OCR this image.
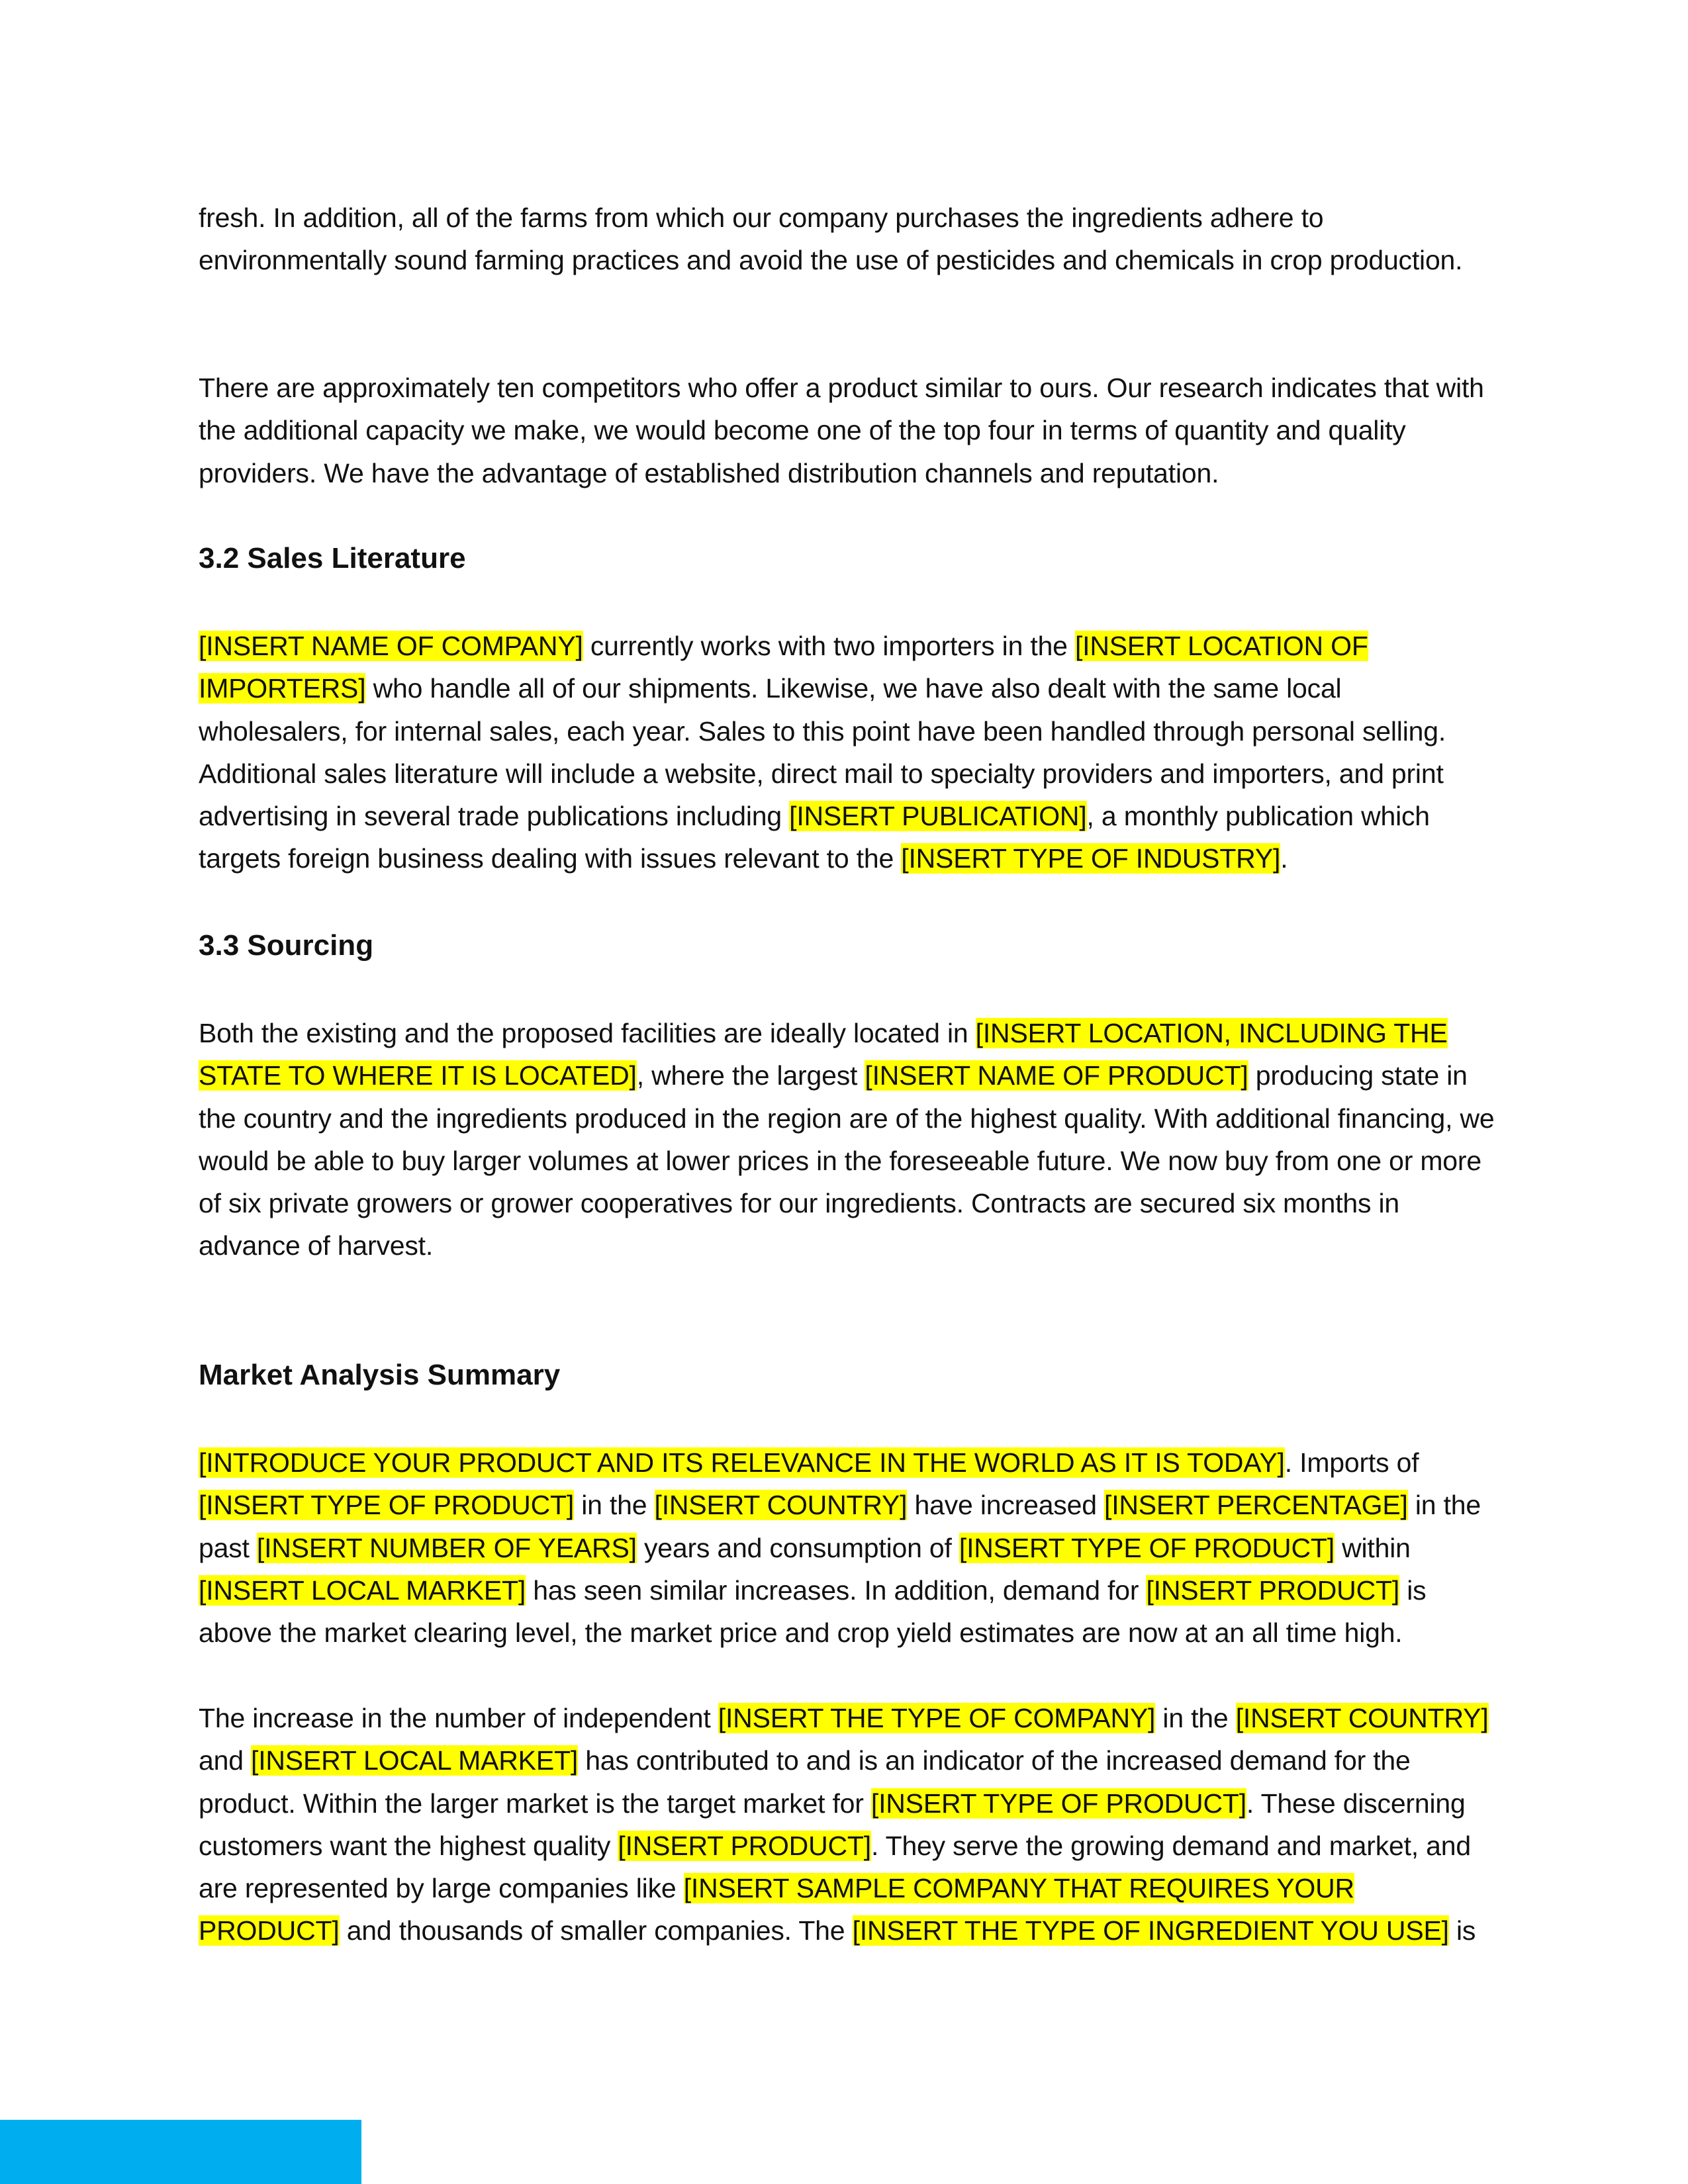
fresh. In addition, all of the farms from which our company purchases the ingredients adhere to environmentally sound farming practices and avoid the use of pesticides and chemicals in crop production.

There are approximately ten competitors who offer a product similar to ours. Our research indicates that with the additional capacity we make, we would become one of the top four in terms of quantity and quality providers. We have the advantage of established distribution channels and reputation.

3.2 Sales Literature

[INSERT NAME OF COMPANY] currently works with two importers in the [INSERT LOCATION OF IMPORTERS] who handle all of our shipments. Likewise, we have also dealt with the same local wholesalers, for internal sales, each year. Sales to this point have been handled through personal selling. Additional sales literature will include a website, direct mail to specialty providers and importers, and print advertising in several trade publications including [INSERT PUBLICATION], a monthly publication which targets foreign business dealing with issues relevant to the [INSERT TYPE OF INDUSTRY].

3.3 Sourcing

Both the existing and the proposed facilities are ideally located in [INSERT LOCATION, INCLUDING THE STATE TO WHERE IT IS LOCATED], where the largest [INSERT NAME OF PRODUCT] producing state in the country and the ingredients produced in the region are of the highest quality. With additional financing, we would be able to buy larger volumes at lower prices in the foreseeable future. We now buy from one or more of six private growers or grower cooperatives for our ingredients. Contracts are secured six months in advance of harvest.

Market Analysis Summary

[INTRODUCE YOUR PRODUCT AND ITS RELEVANCE IN THE WORLD AS IT IS TODAY]. Imports of [INSERT TYPE OF PRODUCT] in the [INSERT COUNTRY] have increased [INSERT PERCENTAGE] in the past [INSERT NUMBER OF YEARS] years and consumption of [INSERT TYPE OF PRODUCT] within [INSERT LOCAL MARKET] has seen similar increases. In addition, demand for [INSERT PRODUCT] is above the market clearing level, the market price and crop yield estimates are now at an all time high.

The increase in the number of independent [INSERT THE TYPE OF COMPANY] in the [INSERT COUNTRY] and [INSERT LOCAL MARKET] has contributed to and is an indicator of the increased demand for the product. Within the larger market is the target market for [INSERT TYPE OF PRODUCT]. These discerning customers want the highest quality [INSERT PRODUCT]. They serve the growing demand and market, and are represented by large companies like [INSERT SAMPLE COMPANY THAT REQUIRES YOUR PRODUCT] and thousands of smaller companies. The [INSERT THE TYPE OF INGREDIENT YOU USE] is
